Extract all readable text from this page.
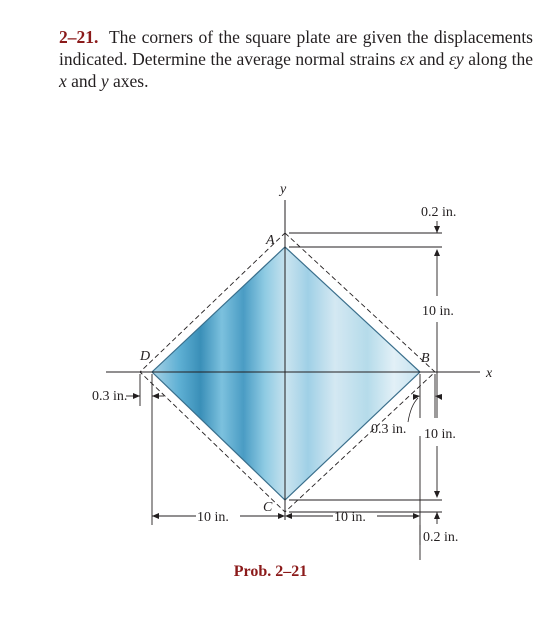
2–21. The corners of the square plate are given the displacements indicated. Determine the average normal strains εx and εy along the x and y axes.
y
x
A
B
C
D
0.2 in.
10 in.
0.3 in.
0.3 in. 10 in.
10 in.	10 in.
0.2 in.
Prob. 2–21
